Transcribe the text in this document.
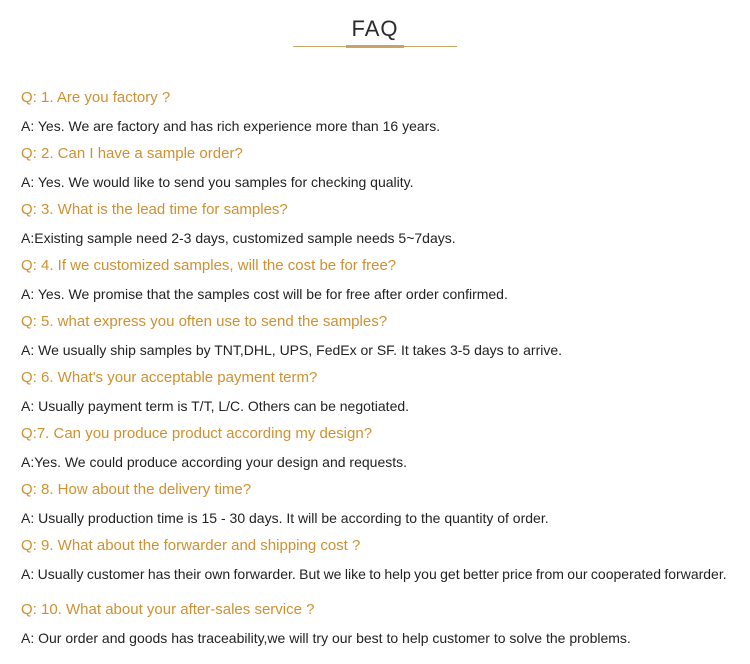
FAQ
Q: 1. Are you factory ?
A: Yes. We are factory and has rich experience more than 16 years.
Q: 2. Can I have a sample order?
A: Yes. We would like to send you samples for checking quality.
Q: 3. What is the lead time for samples?
A:Existing sample need 2-3 days, customized sample needs 5~7days.
Q: 4. If we customized samples, will the cost be for free?
A: Yes. We promise that the samples cost will be for free after order confirmed.
Q: 5. what express you often use to send the samples?
A: We usually ship samples by TNT,DHL, UPS, FedEx or SF. It takes 3-5 days to arrive.
Q: 6. What's your acceptable payment term?
A: Usually payment term is T/T, L/C. Others can be negotiated.
Q:7. Can you produce product according my design?
A:Yes. We could produce according your design and requests.
Q: 8. How about the delivery time?
A: Usually production time is 15 - 30 days. It will be according to the quantity of order.
Q: 9. What about the forwarder and shipping cost ?
A: Usually customer has their own forwarder. But we like to help you get better price from our cooperated forwarder.
Q: 10. What about your after-sales service ?
A: Our order and goods has traceability,we will try our best to help customer to solve the problems.
